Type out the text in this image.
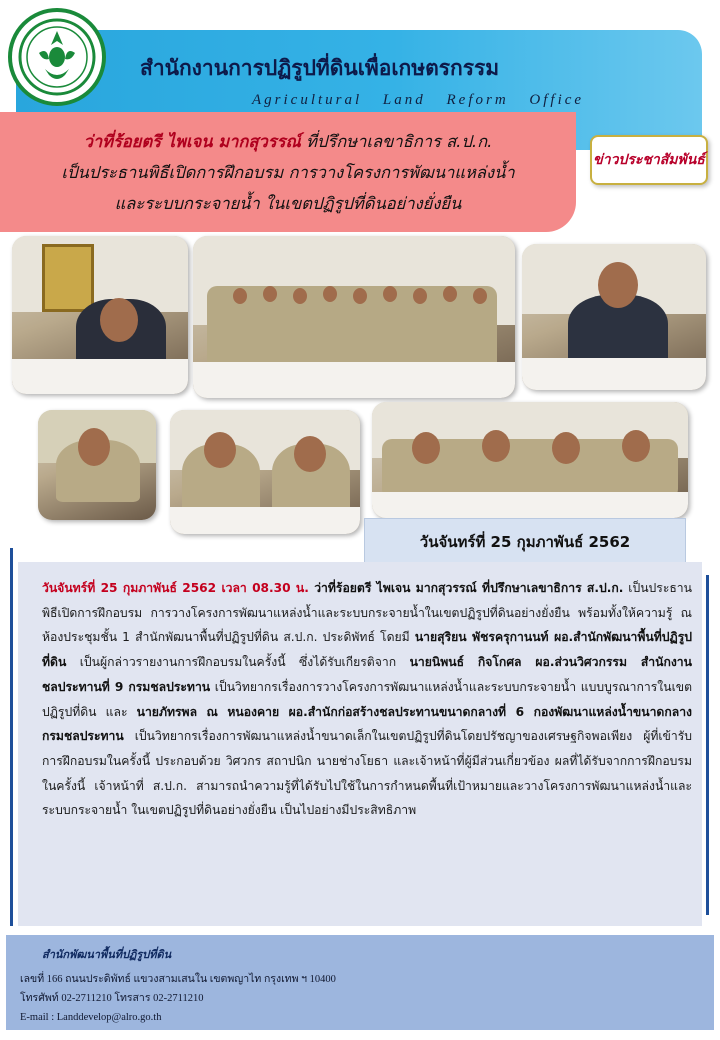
สำนักงานการปฏิรูปที่ดินเพื่อเกษตรกรรม
Agricultural Land Reform Office
ว่าที่ร้อยตรี ไพเจน มากสุวรรณ์ ที่ปรึกษาเลขาธิการ ส.ป.ก.
เป็นประธานพิธีเปิดการฝึกอบรม การวางโครงการพัฒนาแหล่งน้ำ
และระบบกระจายน้ำ ในเขตปฏิรูปที่ดินอย่างยั่งยืน
ข่าวประชาสัมพันธ์
วันจันทร์ที่ 25 กุมภาพันธ์ 2562
วันจันทร์ที่ 25 กุมภาพันธ์ 2562 เวลา 08.30 น. ว่าที่ร้อยตรี ไพเจน มากสุวรรณ์ ที่ปรึกษาเลขาธิการ ส.ป.ก. เป็นประธานพิธีเปิดการฝึกอบรม การวางโครงการพัฒนาแหล่งน้ำและระบบกระจายน้ำในเขตปฏิรูปที่ดินอย่างยั่งยืน พร้อมทั้งให้ความรู้ ณ ห้องประชุมชั้น 1 สำนักพัฒนาพื้นที่ปฏิรูปที่ดิน ส.ป.ก. ประดิพัทธ์ โดยมี นายสุริยน พัชรครุกานนท์ ผอ.สำนักพัฒนาพื้นที่ปฏิรูปที่ดิน เป็นผู้กล่าวรายงานการฝึกอบรมในครั้งนี้ ซึ่งได้รับเกียรติจาก นายนิพนธ์ กิจโกศล ผอ.ส่วนวิศวกรรม สำนักงานชลประทานที่ 9 กรมชลประทาน เป็นวิทยากรเรื่องการวางโครงการพัฒนาแหล่งน้ำและระบบกระจายน้ำ แบบบูรณาการในเขตปฏิรูปที่ดิน และ นายภัทรพล ณ หนองคาย ผอ.สำนักก่อสร้างชลประทานขนาดกลางที่ 6 กองพัฒนาแหล่งน้ำขนาดกลาง กรมชลประทาน เป็นวิทยากรเรื่องการพัฒนาแหล่งน้ำขนาดเล็กในเขตปฏิรูปที่ดินโดยปรัชญาของเศรษฐกิจพอเพียง ผู้ที่เข้ารับการฝึกอบรมในครั้งนี้ ประกอบด้วย วิศวกร สถาปนิก นายช่างโยธา และเจ้าหน้าที่ผู้มีส่วนเกี่ยวข้อง ผลที่ได้รับจากการฝึกอบรมในครั้งนี้ เจ้าหน้าที่ ส.ป.ก. สามารถนำความรู้ที่ได้รับไปใช้ในการกำหนดพื้นที่เป้าหมายและวางโครงการพัฒนาแหล่งน้ำและระบบกระจายน้ำ ในเขตปฏิรูปที่ดินอย่างยั่งยืน เป็นไปอย่างมีประสิทธิภาพ
สำนักพัฒนาพื้นที่ปฏิรูปที่ดิน
เลขที่ 166 ถนนประดิพัทธ์ แขวงสามเสนใน เขตพญาไท กรุงเทพ ฯ 10400
โทรศัพท์ 02-2711210 โทรสาร 02-2711210
E-mail : Landdevelop@alro.go.th
